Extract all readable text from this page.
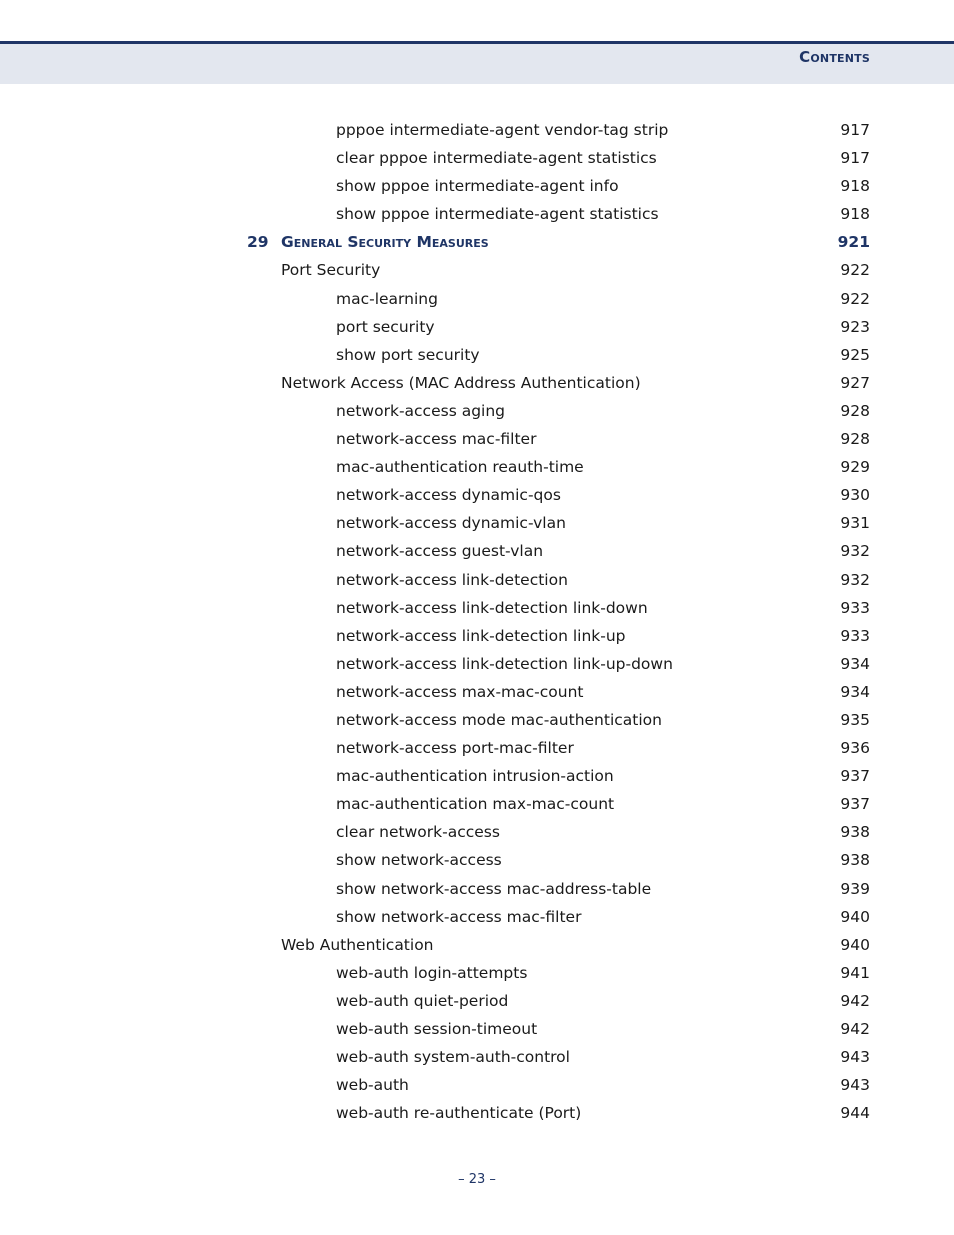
Contents
pppoe intermediate-agent vendor-tag strip	917
clear pppoe intermediate-agent statistics	917
show pppoe intermediate-agent info	918
show pppoe intermediate-agent statistics	918
29 General Security Measures	921
Port Security	922
mac-learning	922
port security	923
show port security	925
Network Access (MAC Address Authentication)	927
network-access aging	928
network-access mac-filter	928
mac-authentication reauth-time	929
network-access dynamic-qos	930
network-access dynamic-vlan	931
network-access guest-vlan	932
network-access link-detection	932
network-access link-detection link-down	933
network-access link-detection link-up	933
network-access link-detection link-up-down	934
network-access max-mac-count	934
network-access mode mac-authentication	935
network-access port-mac-filter	936
mac-authentication intrusion-action	937
mac-authentication max-mac-count	937
clear network-access	938
show network-access	938
show network-access mac-address-table	939
show network-access mac-filter	940
Web Authentication	940
web-auth login-attempts	941
web-auth quiet-period	942
web-auth session-timeout	942
web-auth system-auth-control	943
web-auth	943
web-auth re-authenticate (Port)	944
– 23 –
